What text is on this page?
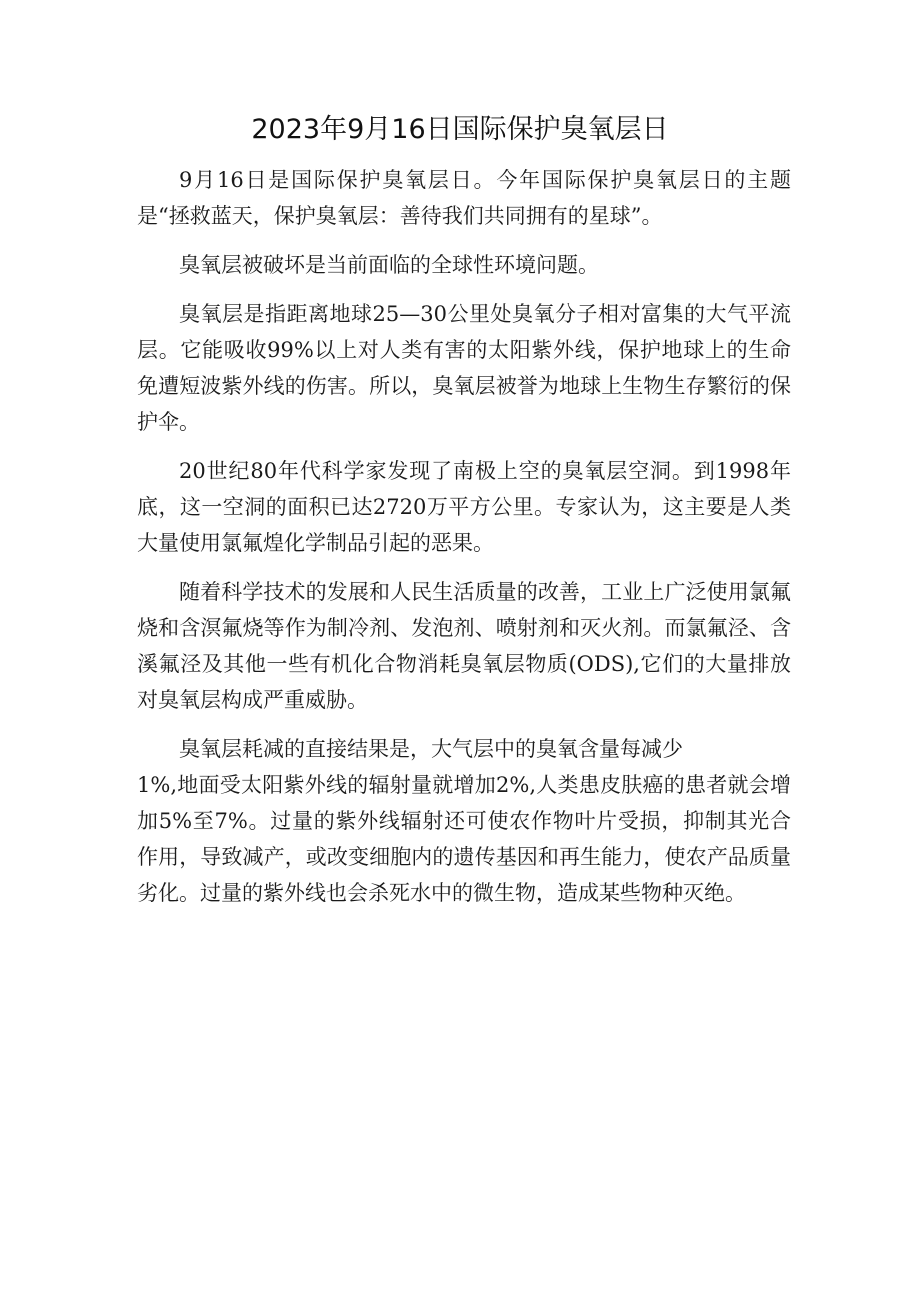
2023年9月16日国际保护臭氧层日

9月16日是国际保护臭氧层日。今年国际保护臭氧层日的主题是“拯救蓝天，保护臭氧层：善待我们共同拥有的星球”。

臭氧层被破坏是当前面临的全球性环境问题。

臭氧层是指距离地球25—30公里处臭氧分子相对富集的大气平流层。它能吸收99%以上对人类有害的太阳紫外线，保护地球上的生命免遭短波紫外线的伤害。所以，臭氧层被誉为地球上生物生存繁衍的保护伞。

20世纪80年代科学家发现了南极上空的臭氧层空洞。到1998年底，这一空洞的面积已达2720万平方公里。专家认为，这主要是人类大量使用氯氟煌化学制品引起的恶果。

随着科学技术的发展和人民生活质量的改善，工业上广泛使用氯氟烧和含溟氟烧等作为制冷剂、发泡剂、喷射剂和灭火剂。而氯氟泾、含溪氟泾及其他一些有机化合物消耗臭氧层物质(ODS),它们的大量排放对臭氧层构成严重威胁。

臭氧层耗减的直接结果是，大气层中的臭氧含量每减少

1%,地面受太阳紫外线的辐射量就增加2%,人类患皮肤癌的患者就会增加5%至7%。过量的紫外线辐射还可使农作物叶片受损，抑制其光合作用，导致减产，或改变细胞内的遗传基因和再生能力，使农产品质量劣化。过量的紫外线也会杀死水中的微生物，造成某些物种灭绝。
